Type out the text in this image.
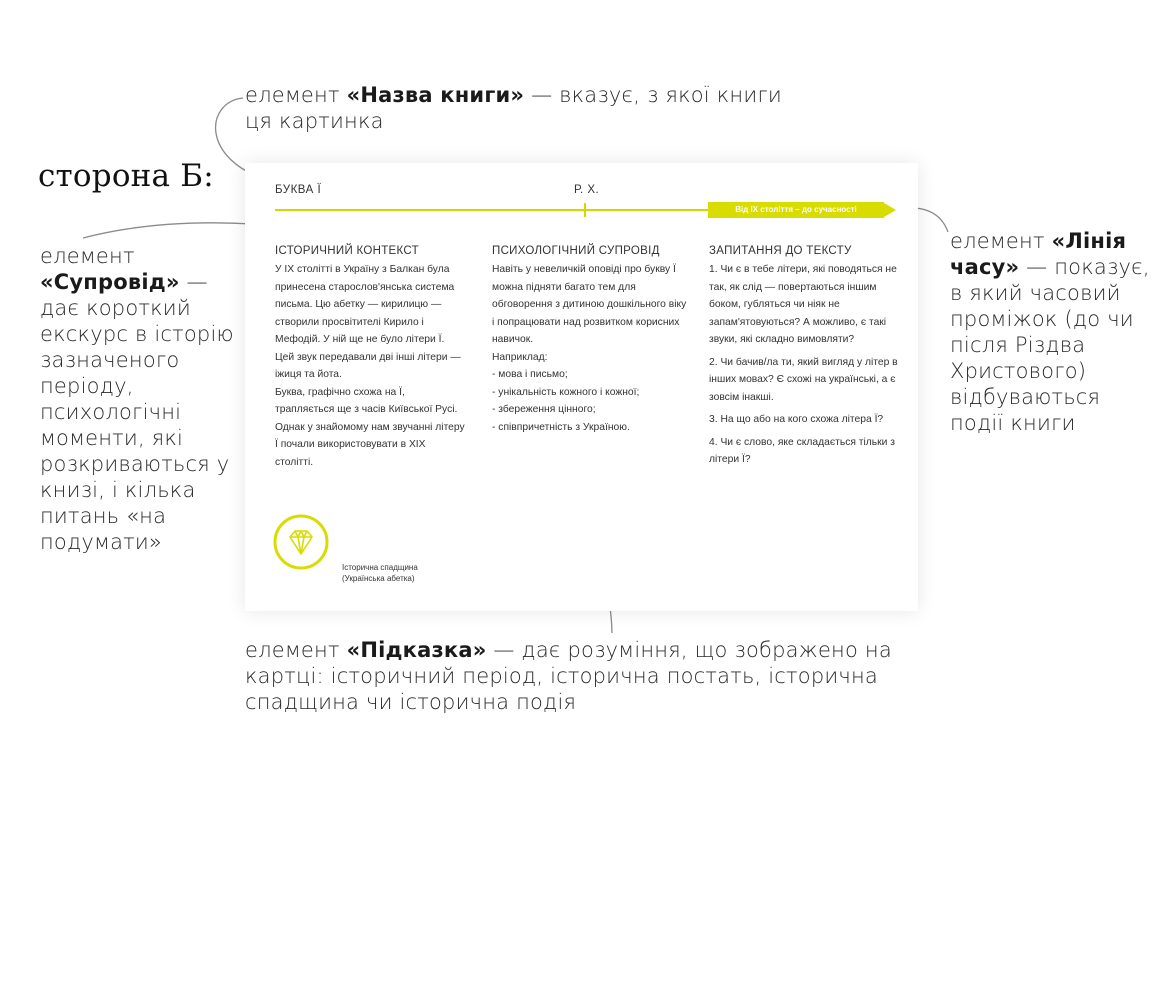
елемент «Назва книги» — вказує, з якої книги ця картинка
сторона Б:
елемент «Супровід» — дає короткий екскурс в історію зазначеного періоду, психологічні моменти, які розкриваються у книзі, і кілька питань «на подумати»
елемент «Лінія часу» — показує, в який часовий проміжок (до чи після Різдва Христового) відбуваються події книги
елемент «Підказка» — дає розуміння, що зображено на картці: історичний період, історична постать, історична спадщина чи історична подія
БУКВА Ї	Р. Х.
Від IX століття – до сучасності
ІСТОРИЧНИЙ КОНТЕКСТ

У IX столітті в Україну з Балкан була принесена старослов'янська система письма. Цю абетку — кирилицю — створили просвітителі Кирило і Мефодій. У ній ще не було літери Ї. Цей звук передавали дві інші літери — іжиця та йота.

Буква, графічно схожа на Ї, трапляється ще з часів Київської Русі. Однак у знайомому нам звучанні літеру Ї почали використовувати в XIX столітті.

ПСИХОЛОГІЧНИЙ СУПРОВІД

Навіть у невеличкій оповіді про букву Ї можна підняти багато тем для обговорення з дитиною дошкільного віку і попрацювати над розвитком корисних навичок.

Наприклад:

- мова і письмо;

- унікальність кожного і кожної;

- збереження цінного;

- співпричетність з Україною.

ЗАПИТАННЯ ДО ТЕКСТУ

1. Чи є в тебе літери, які поводяться не так, як слід — повертаються іншим боком, губляться чи ніяк не запам'ятовуються? А можливо, є такі звуки, які складно вимовляти?

2. Чи бачив/ла ти, який вигляд у літер в інших мовах? Є схожі на українські, а є зовсім інакші.

3. На що або на кого схожа літера Ї?

4. Чи є слово, яке складається тільки з літери Ї?

Історична спадщина
(Українська абетка)
